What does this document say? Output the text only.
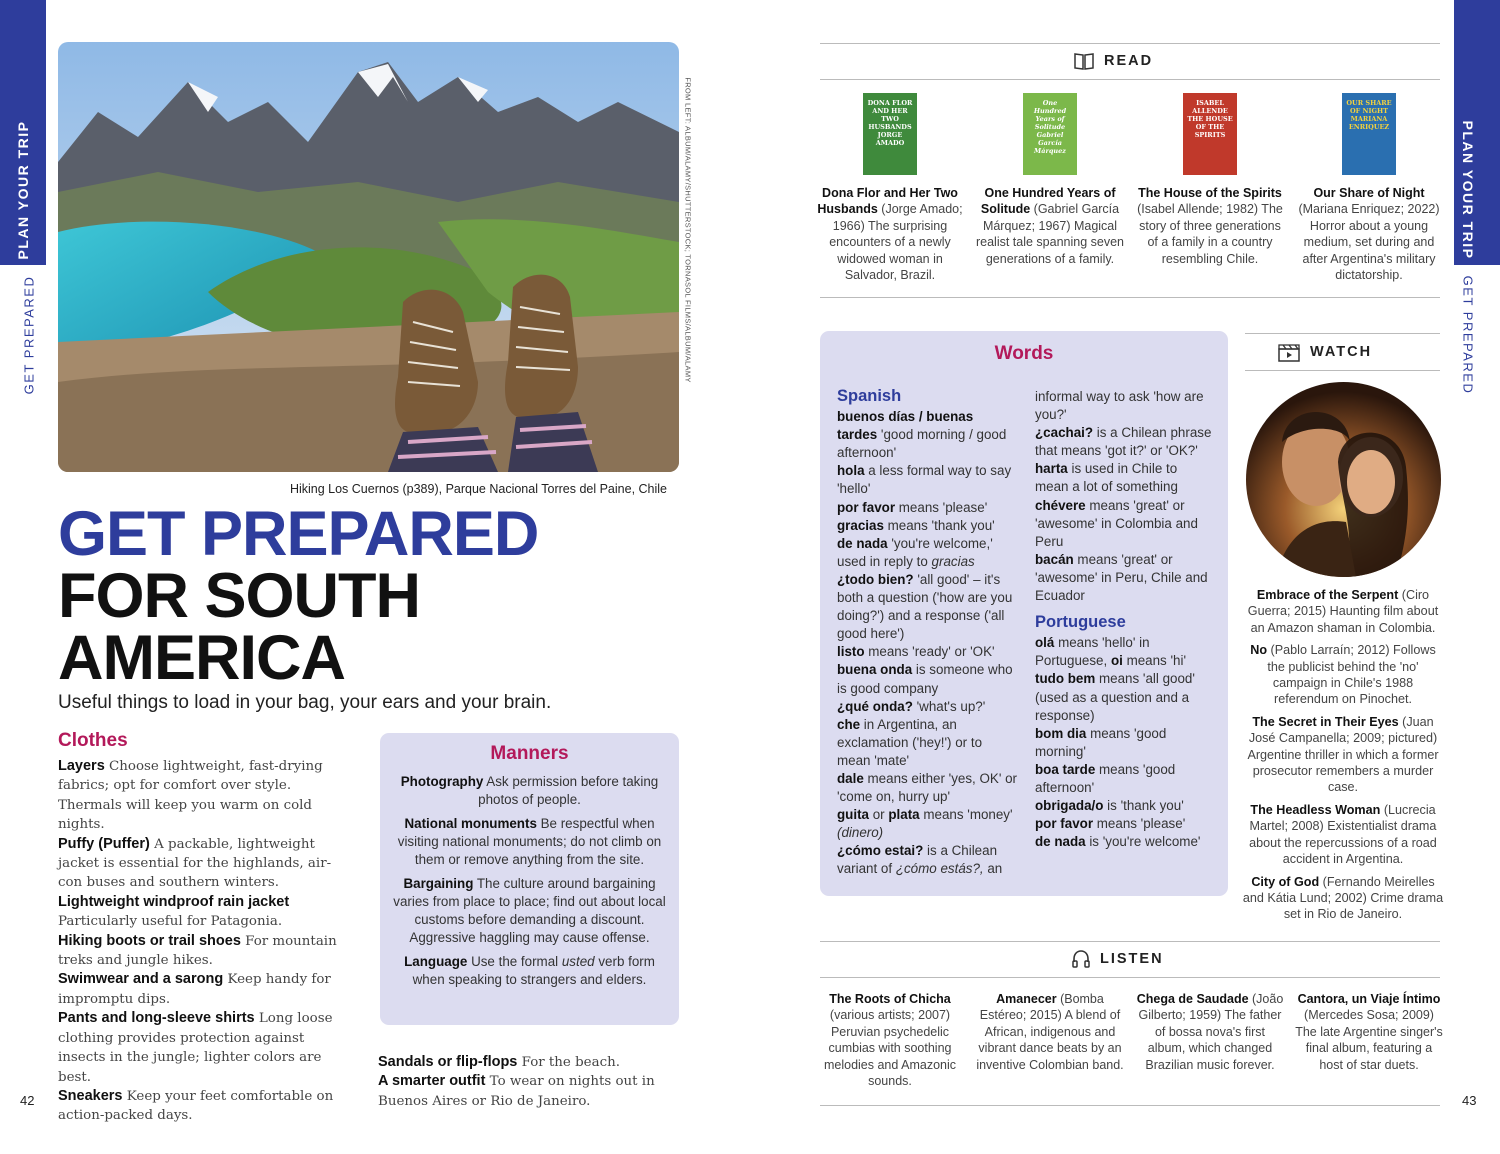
PLAN YOUR TRIP
GET PREPARED
PLAN YOUR TRIP
GET PREPARED
FROM LEFT: ALBUM/ALAMY/SHUTTERSTOCK; TORNASOL FILMS/ALBUM/ALAMY
Hiking Los Cuernos (p389), Parque Nacional Torres del Paine, Chile
GET PREPARED
FOR SOUTH
AMERICA
Useful things to load in your bag, your ears and your brain.
Clothes
Layers Choose lightweight, fast-drying fabrics; opt for comfort over style. Thermals will keep you warm on cold nights.
Puffy (Puffer) A packable, lightweight jacket is essential for the highlands, air-con buses and southern winters.
Lightweight windproof rain jacket Particularly useful for Patagonia.
Hiking boots or trail shoes For mountain treks and jungle hikes.
Swimwear and a sarong Keep handy for impromptu dips.
Pants and long-sleeve shirts Long loose clothing provides protection against insects in the jungle; lighter colors are best.
Sneakers Keep your feet comfortable on action-packed days.
Sandals or flip-flops For the beach.
A smarter outfit To wear on nights out in Buenos Aires or Rio de Janeiro.
Manners
Photography Ask permission before taking photos of people.
National monuments Be respectful when visiting national monuments; do not climb on them or remove anything from the site.
Bargaining The culture around bargaining varies from place to place; find out about local customs before demanding a discount. Aggressive haggling may cause offense.
Language Use the formal usted verb form when speaking to strangers and elders.
READ
DONA FLOR AND HER TWO HUSBANDS JORGE AMADO
Dona Flor and Her Two Husbands (Jorge Amado; 1966) The surprising encounters of a newly widowed woman in Salvador, Brazil.
One Hundred Years of Solitude Gabriel García Márquez
One Hundred Years of Solitude (Gabriel García Márquez; 1967) Magical realist tale spanning seven generations of a family.
ISABEL ALLENDE THE HOUSE OF THE SPIRITS
The House of the Spirits (Isabel Allende; 1982) The story of three generations of a family in a country resembling Chile.
OUR SHARE OF NIGHT MARIANA ENRIQUEZ
Our Share of Night (Mariana Enriquez; 2022) Horror about a young medium, set during and after Argentina's military dictatorship.
Words
Spanish
buenos días / buenas tardes 'good morning / good afternoon'
hola a less formal way to say 'hello'
por favor means 'please'
gracias means 'thank you'
de nada 'you're welcome,' used in reply to gracias
¿todo bien? 'all good' – it's both a question ('how are you doing?') and a response ('all good here')
listo means 'ready' or 'OK'
buena onda is someone who is good company
¿qué onda? 'what's up?'
che in Argentina, an exclamation ('hey!') or to mean 'mate'
dale means either 'yes, OK' or 'come on, hurry up'
guita or plata means 'money' (dinero)
¿cómo estai? is a Chilean variant of ¿cómo estás?, an
informal way to ask 'how are you?'
¿cachai? is a Chilean phrase that means 'got it?' or 'OK?'
harta is used in Chile to mean a lot of something
chévere means 'great' or 'awesome' in Colombia and Peru
bacán means 'great' or 'awesome' in Peru, Chile and Ecuador
Portuguese
olá means 'hello' in Portuguese, oi means 'hi'
tudo bem means 'all good' (used as a question and a response)
bom dia means 'good morning'
boa tarde means 'good afternoon'
obrigada/o is 'thank you'
por favor means 'please'
de nada is 'you're welcome'
WATCH
Embrace of the Serpent (Ciro Guerra; 2015) Haunting film about an Amazon shaman in Colombia.
No (Pablo Larraín; 2012) Follows the publicist behind the 'no' campaign in Chile's 1988 referendum on Pinochet.
The Secret in Their Eyes (Juan José Campanella; 2009; pictured) Argentine thriller in which a former prosecutor remembers a murder case.
The Headless Woman (Lucrecia Martel; 2008) Existentialist drama about the repercussions of a road accident in Argentina.
City of God (Fernando Meirelles and Kátia Lund; 2002) Crime drama set in Rio de Janeiro.
LISTEN
The Roots of Chicha (various artists; 2007) Peruvian psychedelic cumbias with soothing melodies and Amazonic sounds.
Amanecer (Bomba Estéreo; 2015) A blend of African, indigenous and vibrant dance beats by an inventive Colombian band.
Chega de Saudade (João Gilberto; 1959) The father of bossa nova's first album, which changed Brazilian music forever.
Cantora, un Viaje Íntimo (Mercedes Sosa; 2009) The late Argentine singer's final album, featuring a host of star duets.
42	43
